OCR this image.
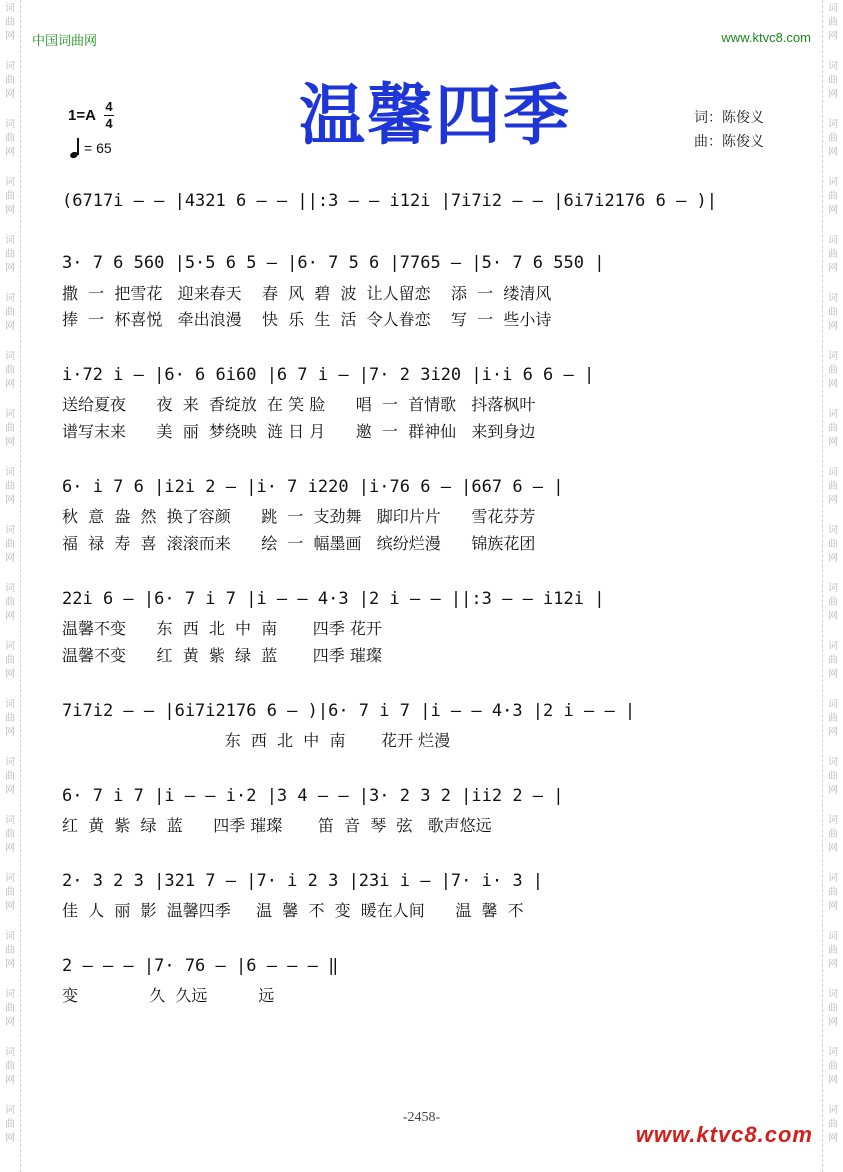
词
曲
网
词
曲
网
词
曲
网
词
曲
网
词
曲
网
词
曲
网
词
曲
网
词
曲
网
词
曲
网
词
曲
网
词
曲
网
词
曲
网
词
曲
网
词
曲
网
词
曲
网
词
曲
网
词
曲
网
词
曲
网
词
曲
网
词
曲
网
词
曲
网
词
曲
网
词
曲
网
词
曲
网
词
曲
网
词
曲
网
词
曲
网
词
曲
网
词
曲
网
词
曲
网
词
曲
网
词
曲
网
词
曲
网
词
曲
网
词
曲
网
词
曲
网
词
曲
网
词
曲
网
词
曲
网
词
曲
网
中国词曲网	www.ktvc8.com
$1=A \frac{4}{4}$
= 65	温馨四季	词：陈俊义
曲：陈俊义
(6717i — — |4321 6 — — ||:3 — — i12i |7i7i2 — — |6i7i2176 6 — )|
3· 7 6 560 |5·5 6 5 — |6· 7 5 6 |7765 — |5· 7 6 550 |
撒  一  把雪花   迎来春天    春  风  碧  波  让人留恋    添  一  缕清风
捧  一  杯喜悦   牵出浪漫    快  乐  生  活  令人眷恋    写  一  些小诗
i·72 i — |6· 6 6i60 |6 7 i — |7· 2 3i20 |i·i 6 6 — |
送给夏夜      夜  来  香绽放  在 笑 脸      唱  一  首情歌   抖落枫叶
谱写末来      美  丽  梦绕映  涟 日 月      邀  一  群神仙   来到身边
6· i 7 6 |i2i 2 — |i· 7 i220 |i·76 6 — |667 6 — |
秋  意  盎  然  换了容颜      跳  一  支劲舞   脚印片片      雪花芬芳
福  禄  寿  喜  滚滚而来      绘  一  幅墨画   缤纷烂漫      锦族花团
22i 6 — |6· 7 i 7 |i — — 4·3 |2 i — — ||:3 — — i12i |
温馨不变      东  西  北  中  南       四季 花开
温馨不变      红  黄  紫  绿  蓝       四季 璀璨
7i7i2 — — |6i7i2176 6 — )|6· 7 i 7 |i — — 4·3 |2 i — — |
东  西  北  中  南       花开 烂漫
6· 7 i 7 |i — — i·2 |3 4 — — |3· 2 3 2 |ii2 2 — |
红  黄  紫  绿  蓝      四季 璀璨       笛  音  琴  弦   歌声悠远
2· 3 2 3 |321 7 — |7· i 2 3 |23i i — |7· i· 3 |
佳  人  丽  影  温馨四季     温  馨  不  变  暖在人间      温  馨  不
2 — — — |7· 76 — |6 — — — ‖
变              久  久远          远
-2458-
www.ktvc8.com
